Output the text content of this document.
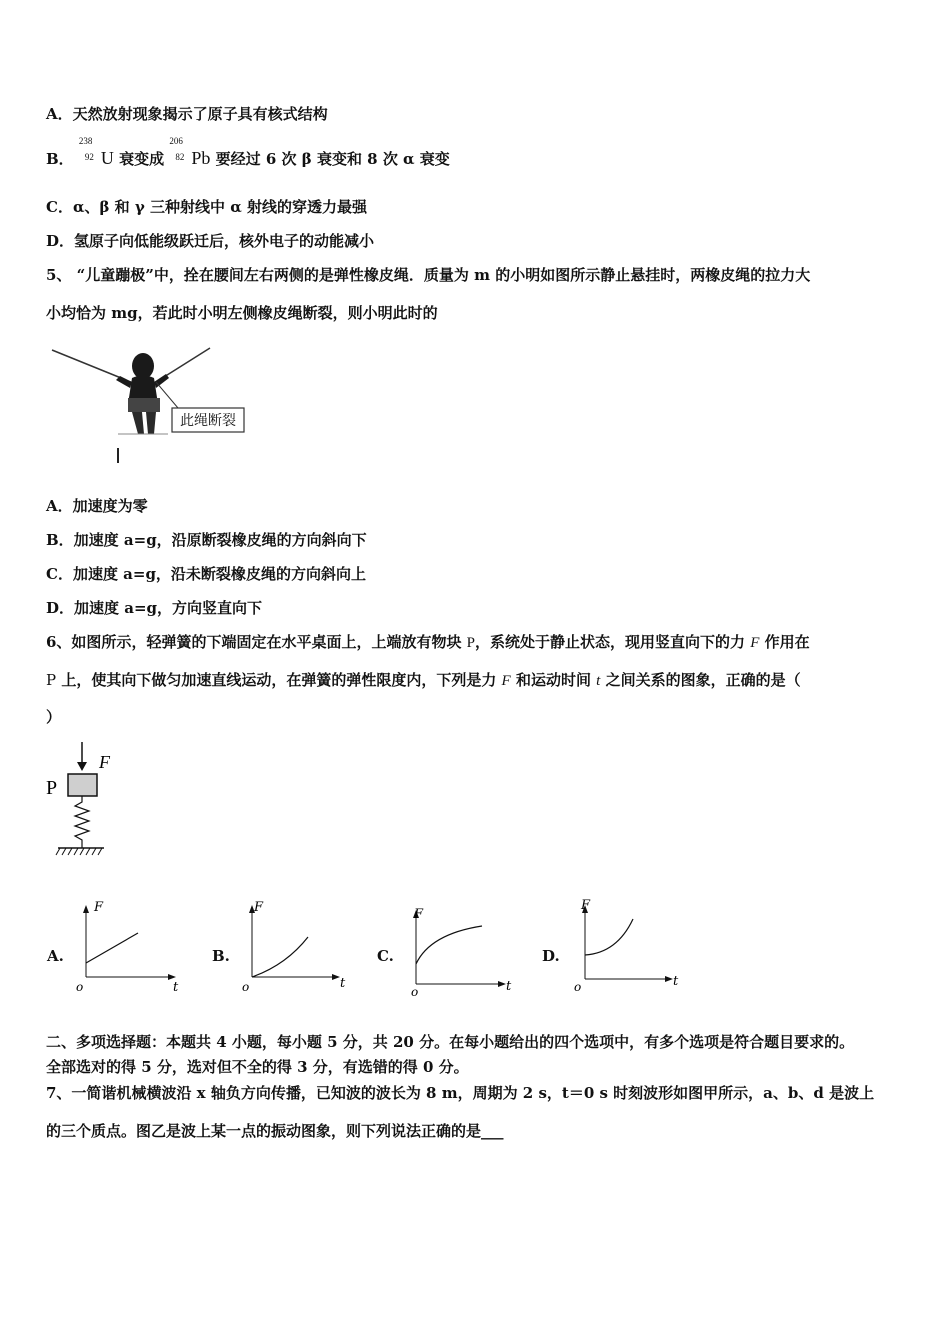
A．天然放射现象揭示了原子具有核式结构
B．
238
92 U 衰变成
206
82 Pb 要经过 6 次 β 衰变和 8 次 α 衰变
C．α、β 和 γ 三种射线中 α 射线的穿透力最强
D．氢原子向低能级跃迁后，核外电子的动能减小
5、 “儿童蹦极”中，拴在腰间左右两侧的是弹性橡皮绳．质量为 m 的小明如图所示静止悬挂时，两橡皮绳的拉力大
小均恰为 mg，若此时小明左侧橡皮绳断裂，则小明此时的
此绳断裂
A．加速度为零
B．加速度 a=g，沿原断裂橡皮绳的方向斜向下
C．加速度 a=g，沿未断裂橡皮绳的方向斜向上
D．加速度 a=g，方向竖直向下
6、如图所示，轻弹簧的下端固定在水平桌面上，上端放有物块 P，系统处于静止状态，现用竖直向下的力 F 作用在
P 上，使其向下做匀加速直线运动，在弹簧的弹性限度内，下列是力 F 和运动时间 t 之间关系的图象，正确的是（
）
F
P
A.
F
t
o
B.
F
t
o
C.
F
t
o
D.
F
t
o
二、多项选择题：本题共 4 小题，每小题 5 分，共 20 分。在每小题给出的四个选项中，有多个选项是符合题目要求的。
全部选对的得 5 分，选对但不全的得 3 分，有选错的得 0 分。
7、一简谐机械横波沿 x 轴负方向传播，已知波的波长为 8 m，周期为 2 s，t＝0 s 时刻波形如图甲所示，a、b、d 是波上
的三个质点。图乙是波上某一点的振动图象，则下列说法正确的是___
